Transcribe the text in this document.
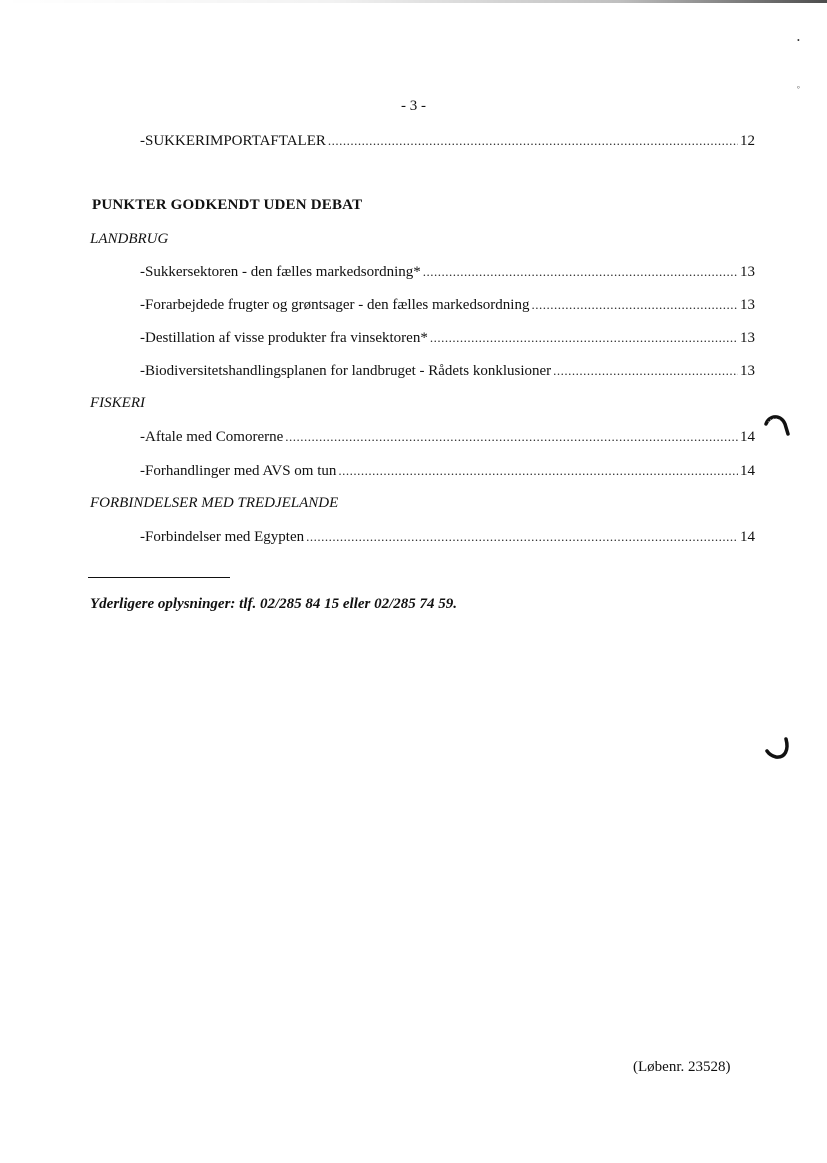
•
°
- 3 -
-SUKKERIMPORTAFTALER .....	12
PUNKTER GODKENDT UDEN DEBAT
LANDBRUG
-Sukkersektoren - den fælles markedsordning* .....	13
-Forarbejdede frugter og grøntsager - den fælles markedsordning .....	13
-Destillation af visse produkter fra vinsektoren* .....	13
-Biodiversitetshandlingsplanen for landbruget - Rådets konklusioner .....	13
FISKERI
-Aftale med Comorerne .....	14
-Forhandlinger med AVS om tun .....	14
FORBINDELSER MED TREDJELANDE
-Forbindelser med Egypten .....	14
Yderligere oplysninger: tlf. 02/285 84 15 eller 02/285 74 59.
(Løbenr. 23528)
